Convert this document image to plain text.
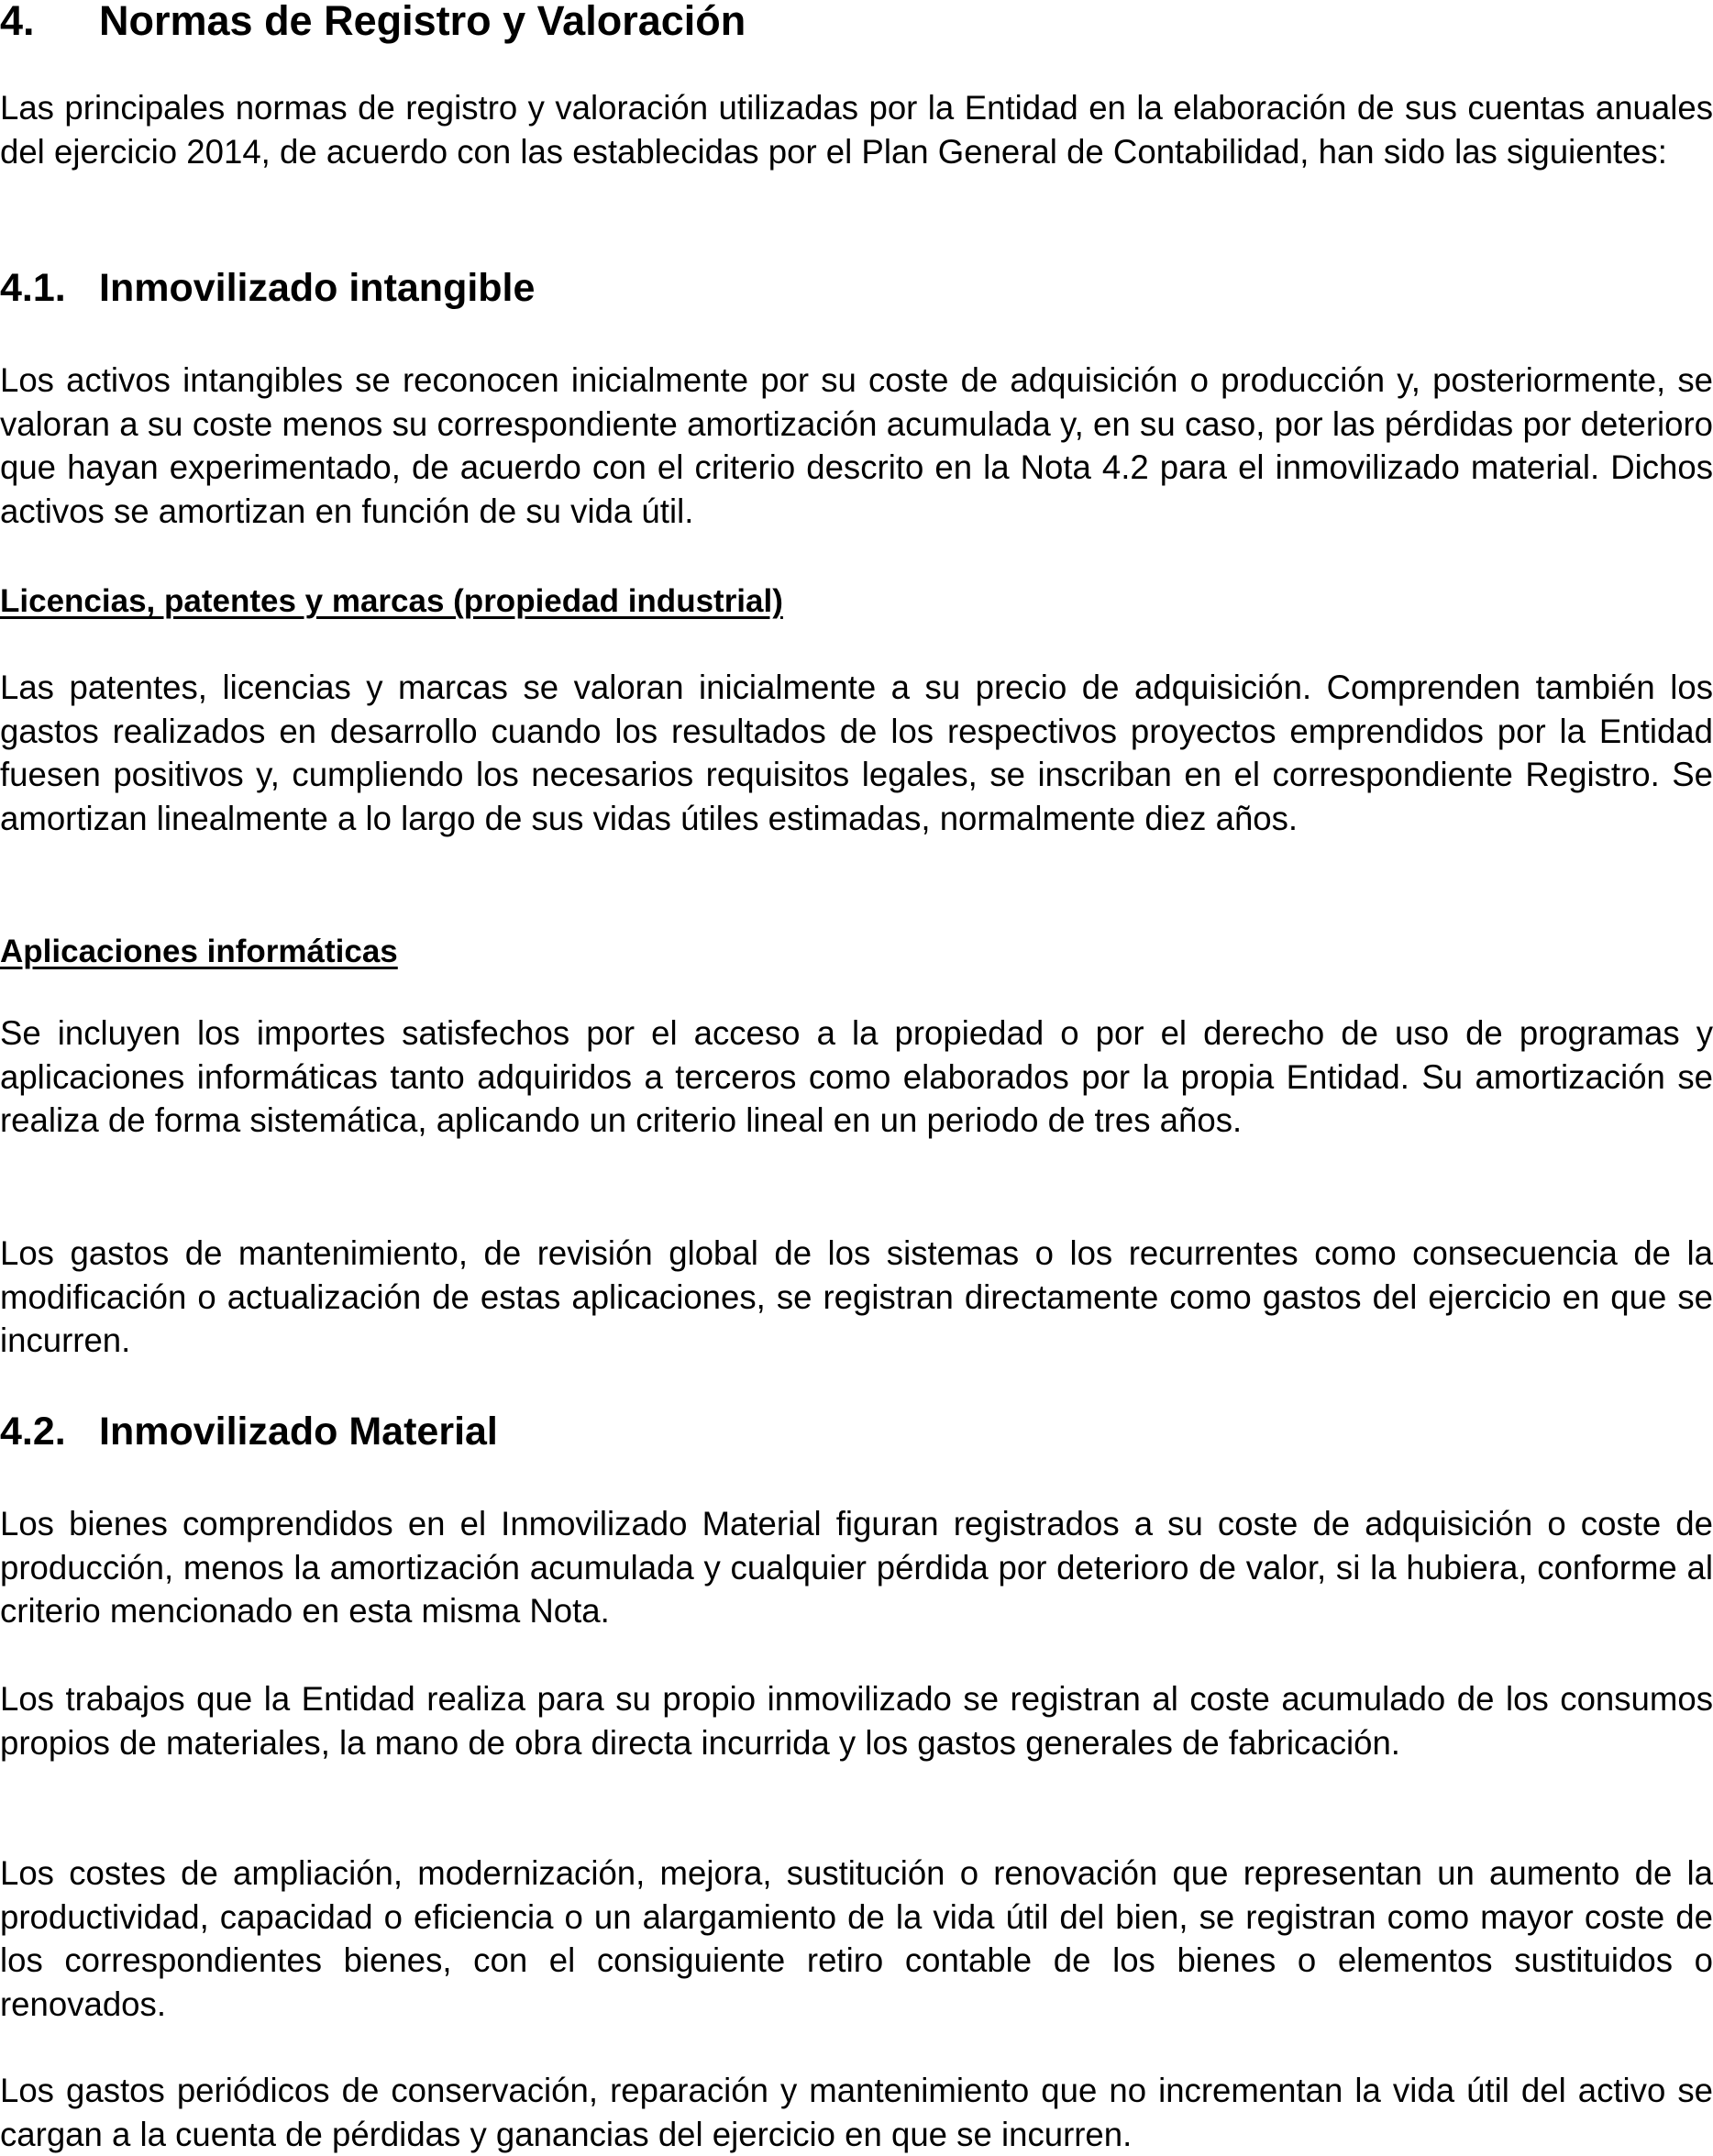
4. Normas de Registro y Valoración

Las principales normas de registro y valoración utilizadas por la Entidad en la elaboración de sus cuentas anuales del ejercicio 2014, de acuerdo con las establecidas por el Plan General de Contabilidad, han sido las siguientes:

4.1. Inmovilizado intangible

Los activos intangibles se reconocen inicialmente por su coste de adquisición o producción y, posteriormente, se valoran a su coste menos su correspondiente amortización acumulada y, en su caso, por las pérdidas por deterioro que hayan experimentado, de acuerdo con el criterio descrito en la Nota 4.2 para el inmovilizado material. Dichos activos se amortizan en función de su vida útil.

Licencias, patentes y marcas (propiedad industrial)

Las patentes, licencias y marcas se valoran inicialmente a su precio de adquisición. Comprenden también los gastos realizados en desarrollo cuando los resultados de los respectivos proyectos emprendidos por la Entidad fuesen positivos y, cumpliendo los necesarios requisitos legales, se inscriban en el correspondiente Registro. Se amortizan linealmente a lo largo de sus vidas útiles estimadas, normalmente diez años.

Aplicaciones informáticas

Se incluyen los importes satisfechos por el acceso a la propiedad o por el derecho de uso de programas y aplicaciones informáticas tanto adquiridos a terceros como elaborados por la propia Entidad. Su amortización se realiza de forma sistemática, aplicando un criterio lineal en un periodo de tres años.

Los gastos de mantenimiento, de revisión global de los sistemas o los recurrentes como consecuencia de la modificación o actualización de estas aplicaciones, se registran directamente como gastos del ejercicio en que se incurren.

4.2. Inmovilizado Material

Los bienes comprendidos en el Inmovilizado Material figuran registrados a su coste de adquisición o coste de producción, menos la amortización acumulada y cualquier pérdida por deterioro de valor, si la hubiera, conforme al criterio mencionado en esta misma Nota.

Los trabajos que la Entidad realiza para su propio inmovilizado se registran al coste acumulado de los consumos propios de materiales, la mano de obra directa incurrida y los gastos generales de fabricación.

Los costes de ampliación, modernización, mejora, sustitución o renovación que representan un aumento de la productividad, capacidad o eficiencia o un alargamiento de la vida útil del bien, se registran como mayor coste de los correspondientes bienes, con el consiguiente retiro contable de los bienes o elementos sustituidos o renovados.

Los gastos periódicos de conservación, reparación y mantenimiento que no incrementan la vida útil del activo se cargan a la cuenta de pérdidas y ganancias del ejercicio en que se incurren.
